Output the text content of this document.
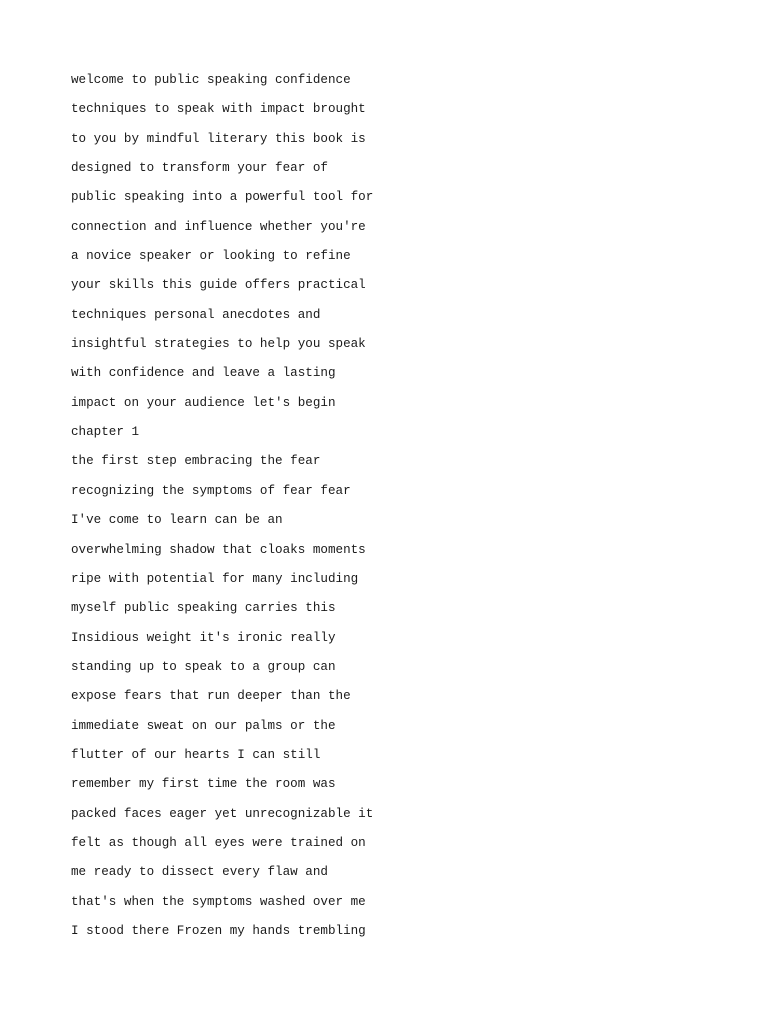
welcome to public speaking confidence
techniques to speak with impact brought
to you by mindful literary this book is
designed to transform your fear of
public speaking into a powerful tool for
connection and influence whether you're
a novice speaker or looking to refine
your skills this guide offers practical
techniques personal anecdotes and
insightful strategies to help you speak
with confidence and leave a lasting
impact on your audience let's begin
chapter 1
the first step embracing the fear
recognizing the symptoms of fear fear
I've come to learn can be an
overwhelming shadow that cloaks moments
ripe with potential for many including
myself public speaking carries this
Insidious weight it's ironic really
standing up to speak to a group can
expose fears that run deeper than the
immediate sweat on our palms or the
flutter of our hearts I can still
remember my first time the room was
packed faces eager yet unrecognizable it
felt as though all eyes were trained on
me ready to dissect every flaw and
that's when the symptoms washed over me
I stood there Frozen my hands trembling
